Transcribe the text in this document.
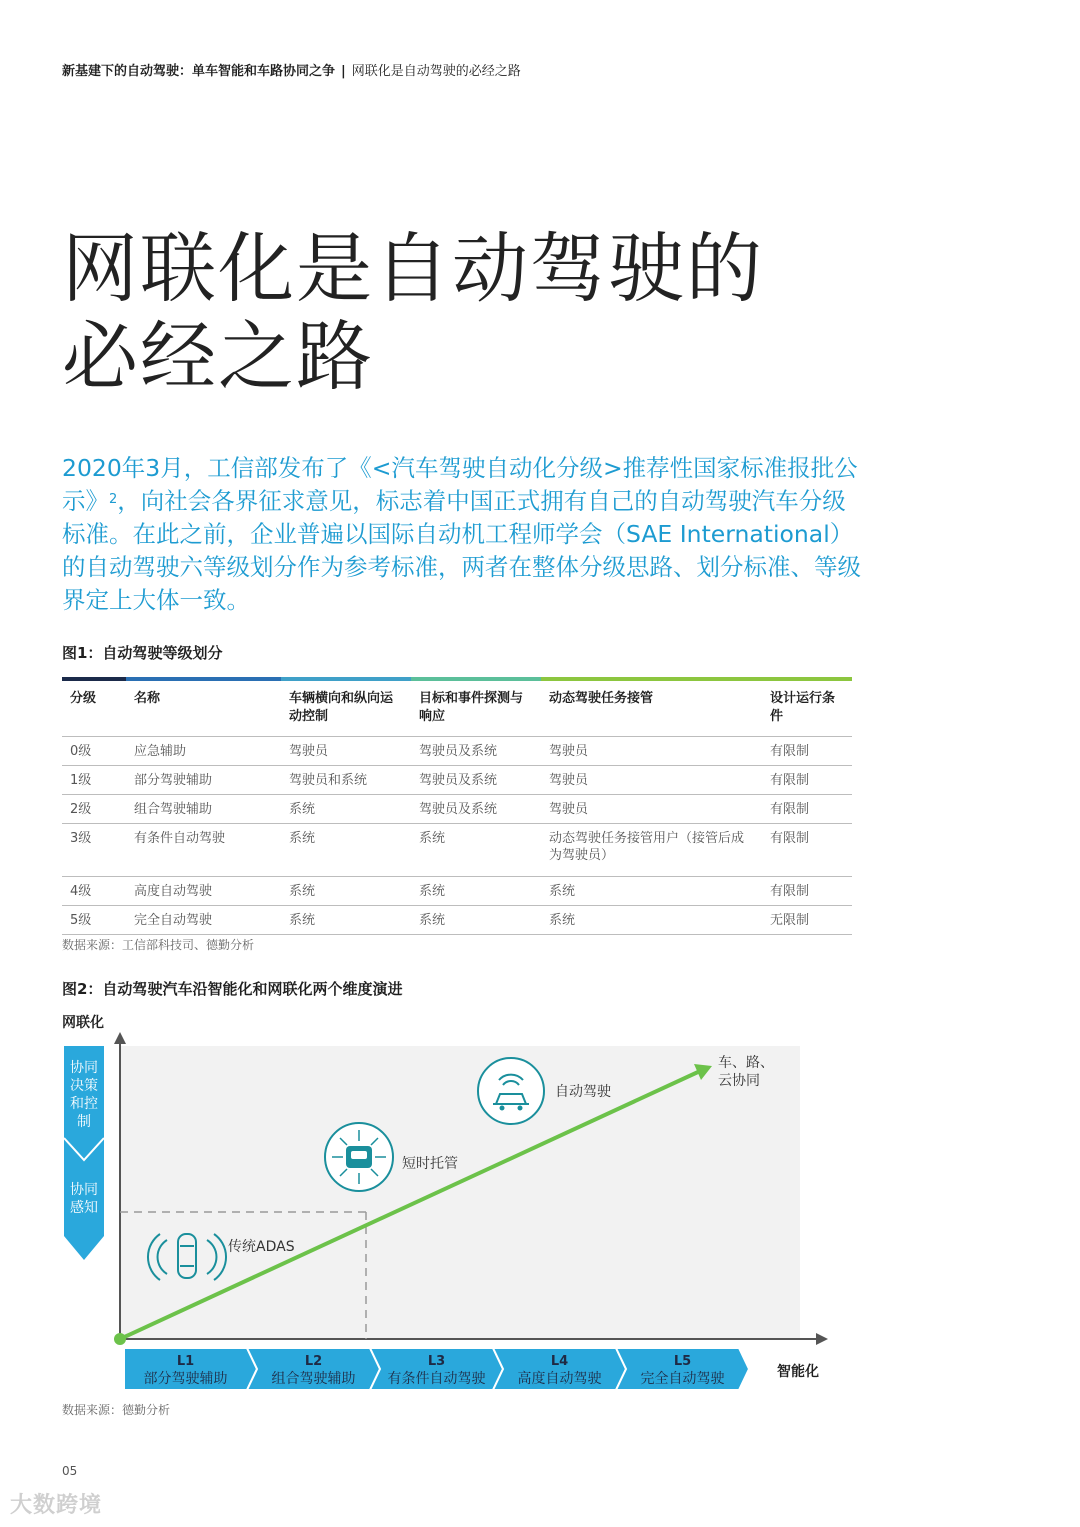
新基建下的自动驾驶：单车智能和车路协同之争 | 网联化是自动驾驶的必经之路
网联化是自动驾驶的
必经之路
2020年3月，工信部发布了《<汽车驾驶自动化分级>推荐性国家标准报批公示》$^2$，向社会各界征求意见，标志着中国正式拥有自己的自动驾驶汽车分级标准。在此之前，企业普遍以国际自动机工程师学会（SAE International）的自动驾驶六等级划分作为参考标准，两者在整体分级思路、划分标准、等级界定上大体一致。
图1：自动驾驶等级划分
分级	名称	车辆横向和纵向运动控制	目标和事件探测与响应	动态驾驶任务接管	设计运行条件
0级	应急辅助	驾驶员	驾驶员及系统	驾驶员	有限制
1级	部分驾驶辅助	驾驶员和系统	驾驶员及系统	驾驶员	有限制
2级	组合驾驶辅助	系统	驾驶员及系统	驾驶员	有限制
3级	有条件自动驾驶	系统	系统	动态驾驶任务接管用户（接管后成为驾驶员）	有限制
4级	高度自动驾驶	系统	系统	系统	有限制
5级	完全自动驾驶	系统	系统	系统	无限制
数据来源：工信部科技司、德勤分析
图2：自动驾驶汽车沿智能化和网联化两个维度演进
网联化
协同
决策
和控
制
协同
感知
传统ADAS
短时托管
自动驾驶
车、路、
云协同
L1
部分驾驶辅助
L2
组合驾驶辅助
L3
有条件自动驾驶
L4
高度自动驾驶
L5
完全自动驾驶	智能化
数据来源：德勤分析
05
大数跨境
